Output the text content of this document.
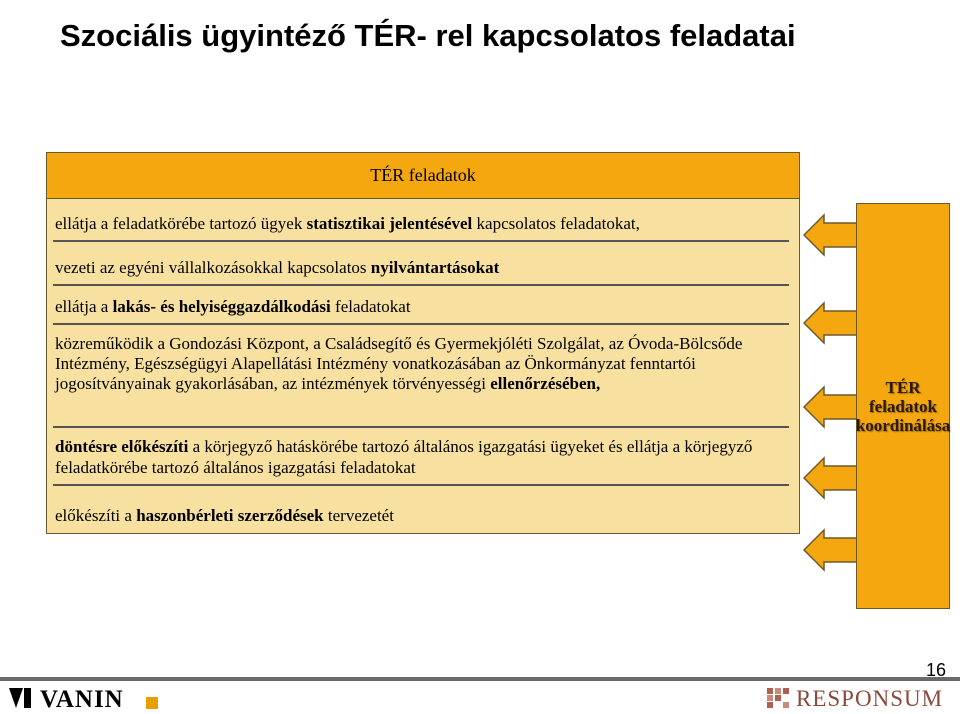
Szociális ügyintéző TÉR- rel kapcsolatos feladatai
TÉR feladatok
ellátja a feladatkörébe tartozó ügyek statisztikai jelentésével kapcsolatos feladatokat,
vezeti az egyéni vállalkozásokkal kapcsolatos nyilvántartásokat
ellátja a lakás- és helyiséggazdálkodási feladatokat
közreműködik a Gondozási Központ, a Családsegítő és Gyermekjóléti Szolgálat, az Óvoda-Bölcsőde Intézmény, Egészségügyi Alapellátási Intézmény vonatkozásában az Önkormányzat fenntartói jogosítványainak gyakorlásában, az intézmények törvényességi ellenőrzésében,
döntésre előkészíti a körjegyző hatáskörébe tartozó általános igazgatási ügyeket és ellátja a körjegyző feladatkörébe tartozó általános igazgatási feladatokat
előkészíti a haszonbérleti szerződések tervezetét
TÉR
feladatok
koordinálása
16
VANIN	RESPONSUM
